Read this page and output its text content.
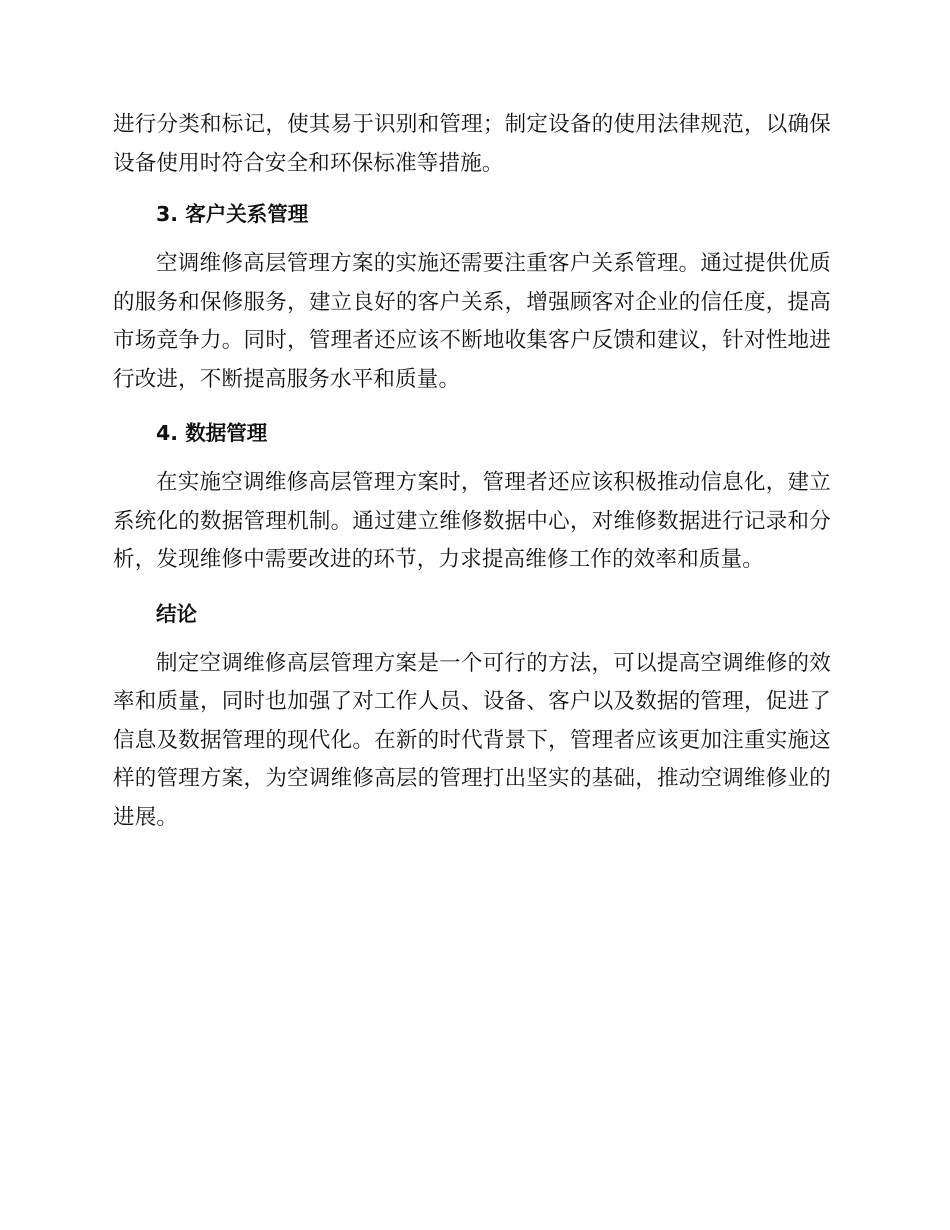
进行分类和标记，使其易于识别和管理；制定设备的使用法律规范，以确保设备使用时符合安全和环保标准等措施。

3. 客户关系管理

空调维修高层管理方案的实施还需要注重客户关系管理。通过提供优质的服务和保修服务，建立良好的客户关系，增强顾客对企业的信任度，提高市场竞争力。同时，管理者还应该不断地收集客户反馈和建议，针对性地进行改进，不断提高服务水平和质量。

4. 数据管理

在实施空调维修高层管理方案时，管理者还应该积极推动信息化，建立系统化的数据管理机制。通过建立维修数据中心，对维修数据进行记录和分析，发现维修中需要改进的环节，力求提高维修工作的效率和质量。

结论

制定空调维修高层管理方案是一个可行的方法，可以提高空调维修的效率和质量，同时也加强了对工作人员、设备、客户以及数据的管理，促进了信息及数据管理的现代化。在新的时代背景下，管理者应该更加注重实施这样的管理方案，为空调维修高层的管理打出坚实的基础，推动空调维修业的进展。
